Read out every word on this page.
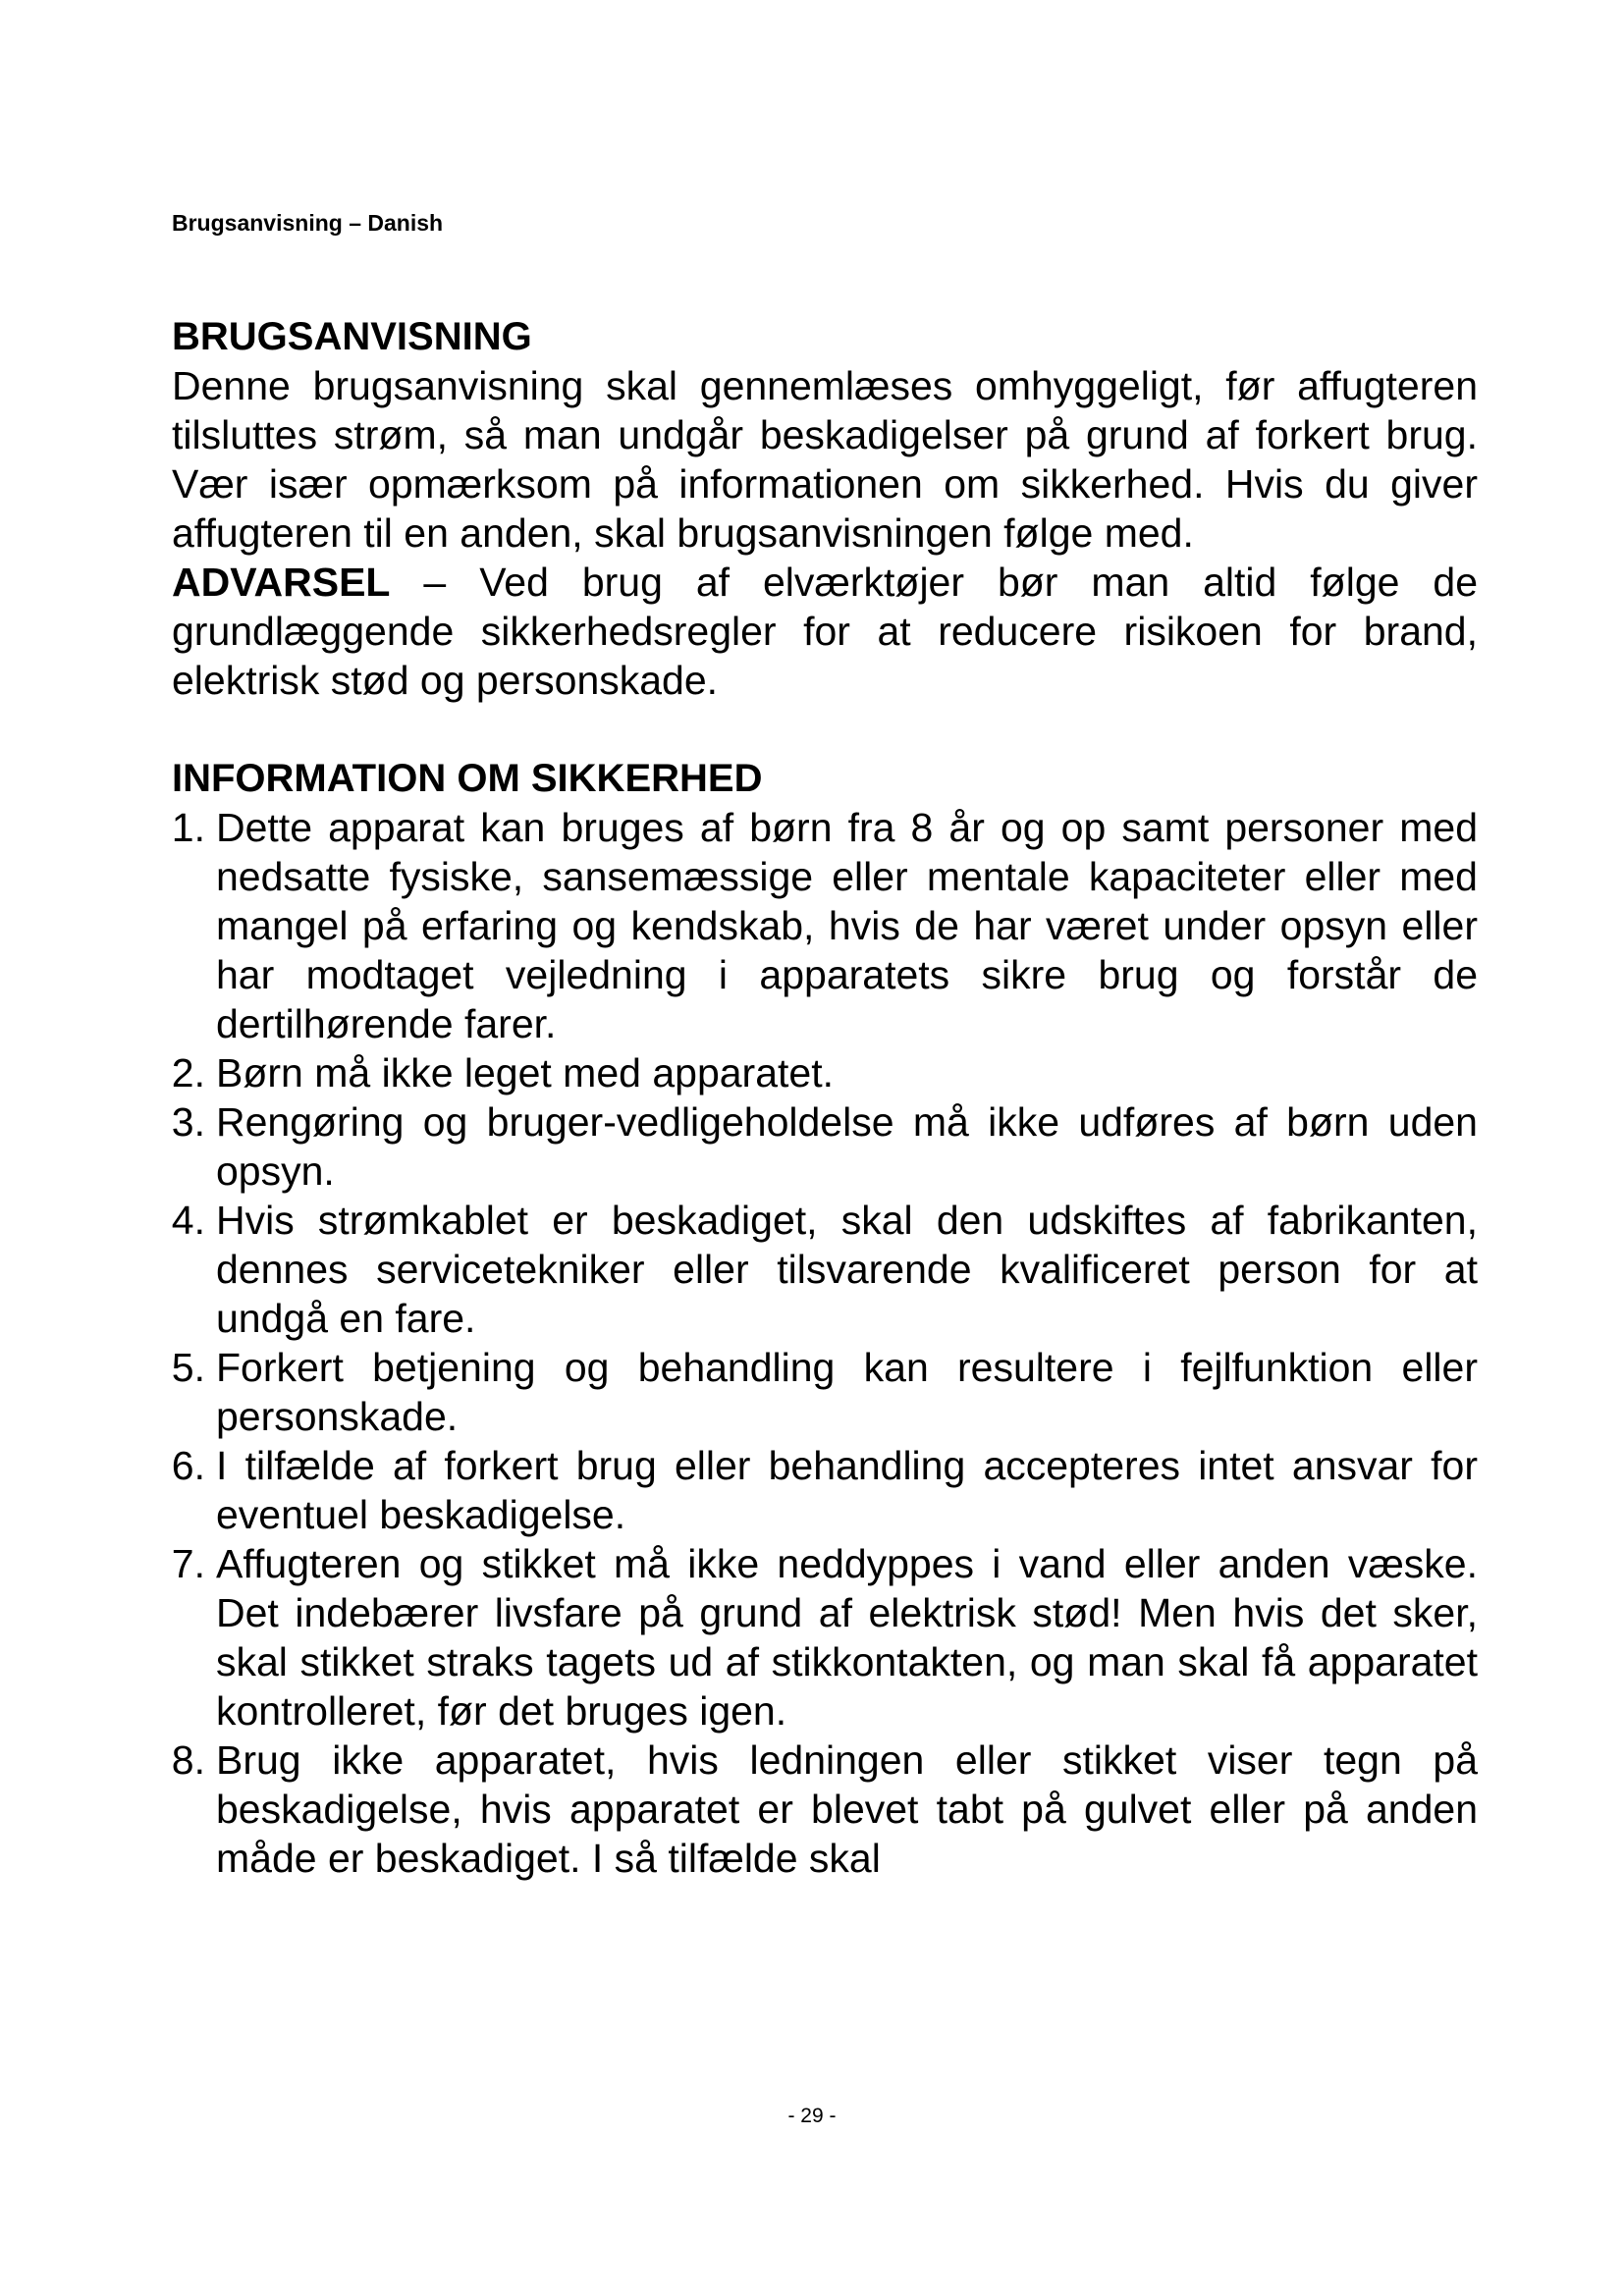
Brugsanvisning – Danish
BRUGSANVISNING

Denne brugsanvisning skal gennemlæses omhyggeligt, før affugteren tilsluttes strøm, så man undgår beskadigelser på grund af forkert brug. Vær især opmærksom på informationen om sikkerhed. Hvis du giver affugteren til en anden, skal brugsanvisningen følge med.

ADVARSEL – Ved brug af elværktøjer bør man altid følge de grundlæggende sikkerhedsregler for at reducere risikoen for brand, elektrisk stød og personskade.

INFORMATION OM SIKKERHED
1. Dette apparat kan bruges af børn fra 8 år og op samt personer med nedsatte fysiske, sansemæssige eller mentale kapaciteter eller med mangel på erfaring og kendskab, hvis de har været under opsyn eller har modtaget vejledning i apparatets sikre brug og forstår de dertilhørende farer.
2. Børn må ikke leget med apparatet.
3. Rengøring og bruger-vedligeholdelse må ikke udføres af børn uden opsyn.
4. Hvis strømkablet er beskadiget, skal den udskiftes af fabrikanten, dennes servicetekniker eller tilsvarende kvalificeret person for at undgå en fare.
5. Forkert betjening og behandling kan resultere i fejlfunktion eller personskade.
6. I tilfælde af forkert brug eller behandling accepteres intet ansvar for eventuel beskadigelse.
7. Affugteren og stikket må ikke neddyppes i vand eller anden væske. Det indebærer livsfare på grund af elektrisk stød! Men hvis det sker, skal stikket straks tagets ud af stikkontakten, og man skal få apparatet kontrolleret, før det bruges igen.
8. Brug ikke apparatet, hvis ledningen eller stikket viser tegn på beskadigelse, hvis apparatet er blevet tabt på gulvet eller på anden måde er beskadiget. I så tilfælde skal
- 29 -
